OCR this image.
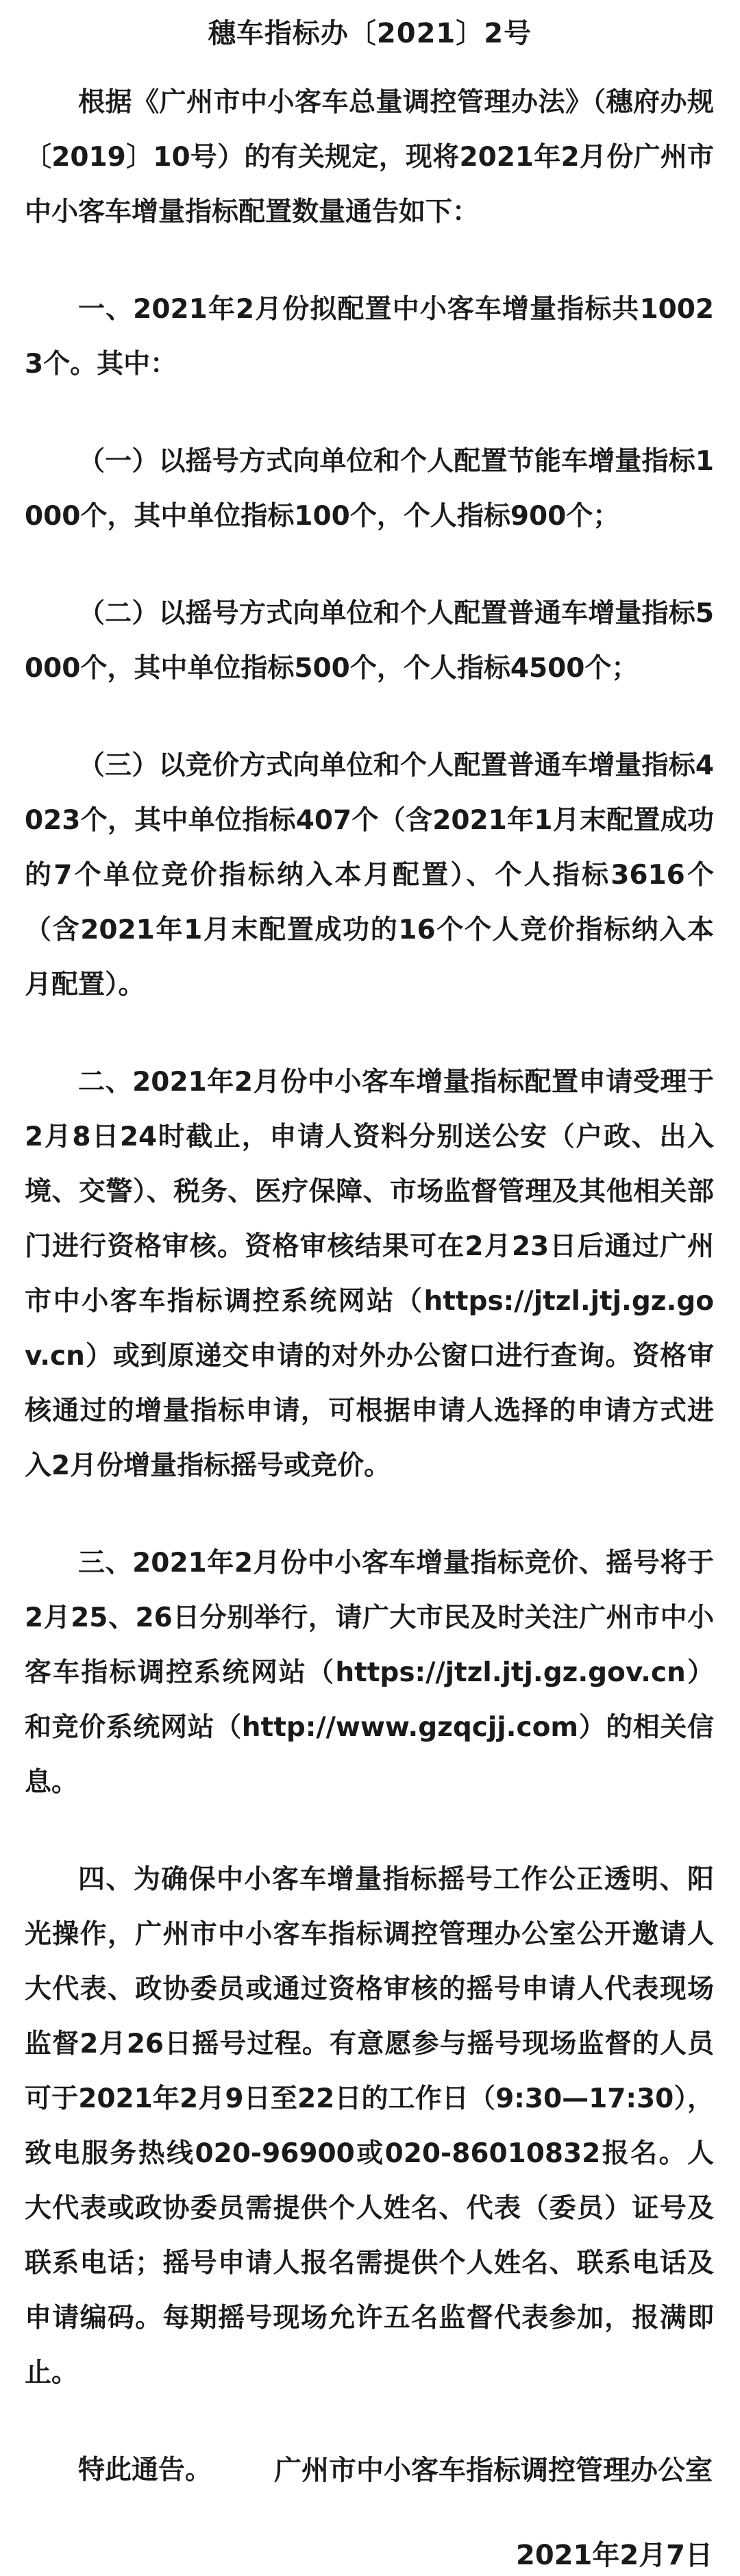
穗车指标办〔2021〕2号

根据《广州市中小客车总量调控管理办法》（穗府办规〔2019〕10号）的有关规定，现将2021年2月份广州市中小客车增量指标配置数量通告如下：

一、2021年2月份拟配置中小客车增量指标共10023个。其中：

（一）以摇号方式向单位和个人配置节能车增量指标1000个，其中单位指标100个，个人指标900个；

（二）以摇号方式向单位和个人配置普通车增量指标5000个，其中单位指标500个，个人指标4500个；

（三）以竞价方式向单位和个人配置普通车增量指标4023个，其中单位指标407个（含2021年1月末配置成功的7个单位竞价指标纳入本月配置）、个人指标3616个（含2021年1月末配置成功的16个个人竞价指标纳入本月配置）。

二、2021年2月份中小客车增量指标配置申请受理于2月8日24时截止，申请人资料分别送公安（户政、出入境、交警）、税务、医疗保障、市场监督管理及其他相关部门进行资格审核。资格审核结果可在2月23日后通过广州市中小客车指标调控系统网站（https://jtzl.jtj.gz.gov.cn）或到原递交申请的对外办公窗口进行查询。资格审核通过的增量指标申请，可根据申请人选择的申请方式进入2月份增量指标摇号或竞价。

三、2021年2月份中小客车增量指标竞价、摇号将于2月25、26日分别举行，请广大市民及时关注广州市中小客车指标调控系统网站（https://jtzl.jtj.gz.gov.cn）和竞价系统网站（http://www.gzqcjj.com）的相关信息。

四、为确保中小客车增量指标摇号工作公正透明、阳光操作，广州市中小客车指标调控管理办公室公开邀请人大代表、政协委员或通过资格审核的摇号申请人代表现场监督2月26日摇号过程。有意愿参与摇号现场监督的人员可于2021年2月9日至22日的工作日（9:30—17:30），致电服务热线020-96900或020-86010832报名。人大代表或政协委员需提供个人姓名、代表（委员）证号及联系电话；摇号申请人报名需提供个人姓名、联系电话及申请编码。每期摇号现场允许五名监督代表参加，报满即止。

特此通告。	广州市中小客车指标调控管理办公室
2021年2月7日
